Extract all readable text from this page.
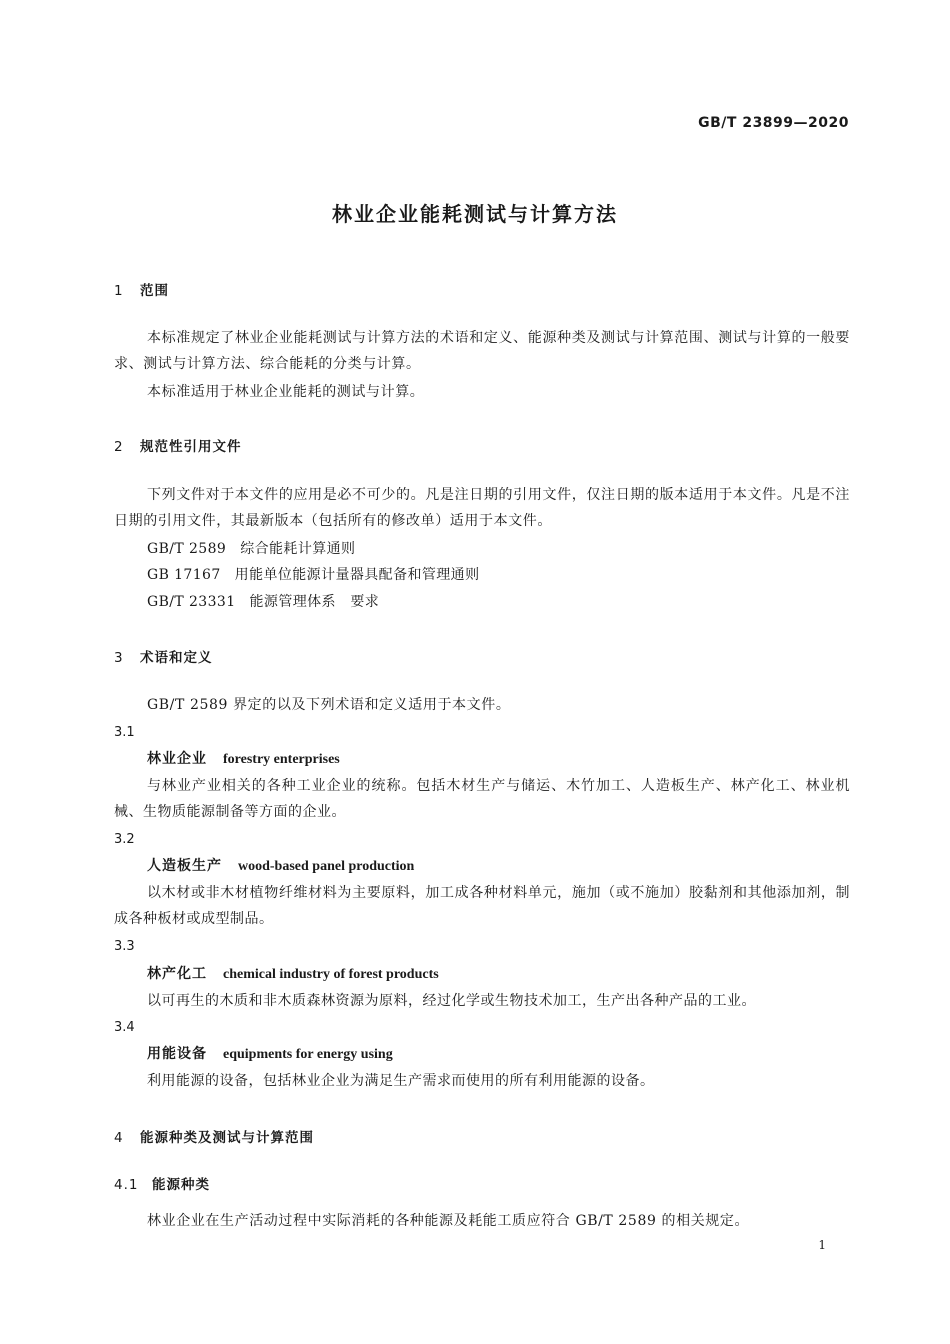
GB/T 23899—2020
林业企业能耗测试与计算方法
1 范围
本标准规定了林业企业能耗测试与计算方法的术语和定义、能源种类及测试与计算范围、测试与计算的一般要求、测试与计算方法、综合能耗的分类与计算。
本标准适用于林业企业能耗的测试与计算。
2 规范性引用文件
下列文件对于本文件的应用是必不可少的。凡是注日期的引用文件，仅注日期的版本适用于本文件。凡是不注日期的引用文件，其最新版本（包括所有的修改单）适用于本文件。
GB/T 2589 综合能耗计算通则
GB 17167 用能单位能源计量器具配备和管理通则
GB/T 23331 能源管理体系　要求
3 术语和定义
GB/T 2589 界定的以及下列术语和定义适用于本文件。
3.1
林业企业 forestry enterprises
与林业产业相关的各种工业企业的统称。包括木材生产与储运、木竹加工、人造板生产、林产化工、林业机械、生物质能源制备等方面的企业。
3.2
人造板生产 wood-based panel production
以木材或非木材植物纤维材料为主要原料，加工成各种材料单元，施加（或不施加）胶黏剂和其他添加剂，制成各种板材或成型制品。
3.3
林产化工 chemical industry of forest products
以可再生的木质和非木质森林资源为原料，经过化学或生物技术加工，生产出各种产品的工业。
3.4
用能设备 equipments for energy using
利用能源的设备，包括林业企业为满足生产需求而使用的所有利用能源的设备。
4 能源种类及测试与计算范围
4.1 能源种类
林业企业在生产活动过程中实际消耗的各种能源及耗能工质应符合 GB/T 2589 的相关规定。
1
